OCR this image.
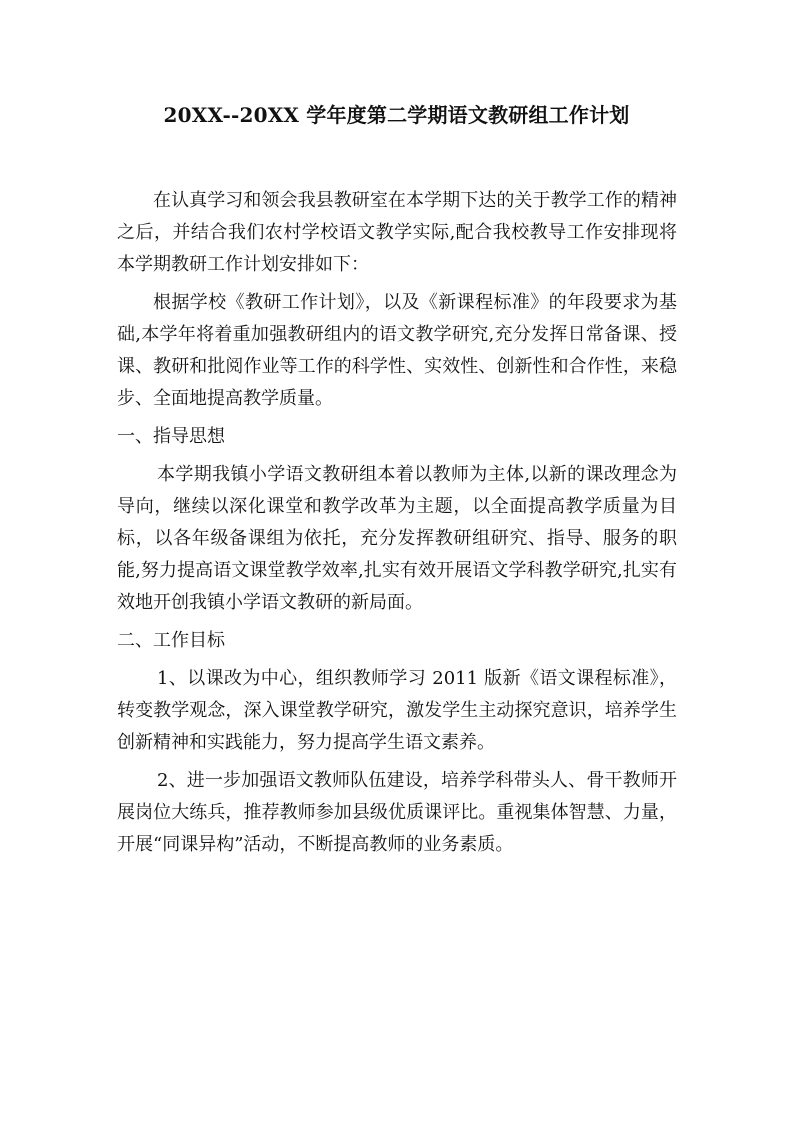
20XX--20XX 学年度第二学期语文教研组工作计划

在认真学习和领会我县教研室在本学期下达的关于教学工作的精神之后，并结合我们农村学校语文教学实际,配合我校教导工作安排现将本学期教研工作计划安排如下：

根据学校《教研工作计划》，以及《新课程标准》的年段要求为基础,本学年将着重加强教研组内的语文教学研究,充分发挥日常备课、授课、教研和批阅作业等工作的科学性、实效性、创新性和合作性，来稳步、全面地提高教学质量。

一、指导思想

本学期我镇小学语文教研组本着以教师为主体,以新的课改理念为导向，继续以深化课堂和教学改革为主题，以全面提高教学质量为目标，以各年级备课组为依托，充分发挥教研组研究、指导、服务的职能,努力提高语文课堂教学效率,扎实有效开展语文学科教学研究,扎实有效地开创我镇小学语文教研的新局面。

二、工作目标

1、以课改为中心，组织教师学习 2011 版新《语文课程标准》，转变教学观念，深入课堂教学研究，激发学生主动探究意识，培养学生创新精神和实践能力，努力提高学生语文素养。

2、进一步加强语文教师队伍建设，培养学科带头人、骨干教师开展岗位大练兵，推荐教师参加县级优质课评比。重视集体智慧、力量，开展“同课异构”活动，不断提高教师的业务素质。
